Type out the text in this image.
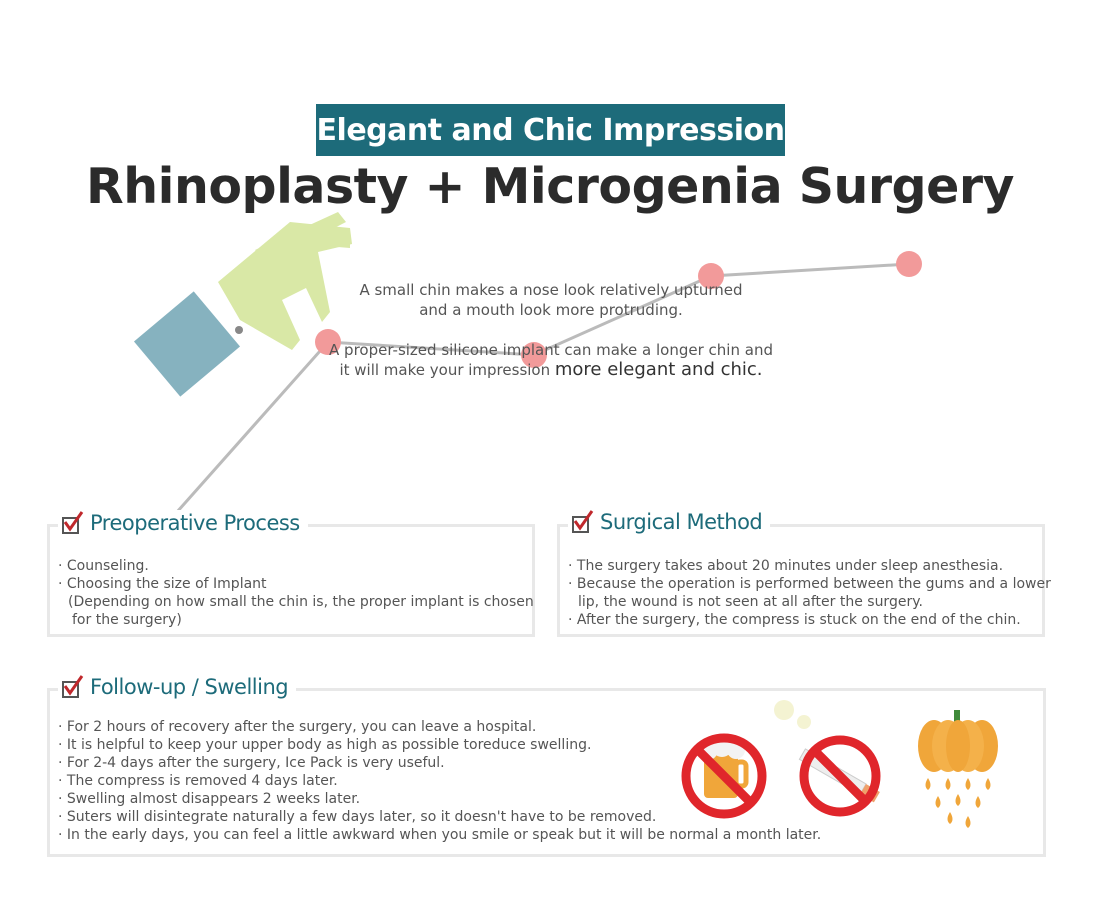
Elegant and Chic Impression
Rhinoplasty + Microgenia Surgery
A small chin makes a nose look relatively upturned
and a mouth look more protruding.
A proper-sized silicone implant can make a longer chin and
it will make your impression more elegant and chic.
· Counseling.
· Choosing the size of Implant
(Depending on how small the chin is, the proper implant is chosen
for the surgery)
Preoperative Process
· The surgery takes about 20 minutes under sleep anesthesia.
· Because the operation is performed between the gums and a lower
lip, the wound is not seen at all after the surgery.
· After the surgery, the compress is stuck on the end of the chin.
Surgical Method
· For 2 hours of recovery after the surgery, you can leave a hospital.
· It is helpful to keep your upper body as high as possible toreduce swelling.
· For 2-4 days after the surgery, Ice Pack is very useful.
· The compress is removed 4 days later.
· Swelling almost disappears 2 weeks later.
· Suters will disintegrate naturally a few days later, so it doesn't have to be removed.
· In the early days, you can feel a little awkward when you smile or speak but it will be normal a month later.
Follow-up / Swelling
